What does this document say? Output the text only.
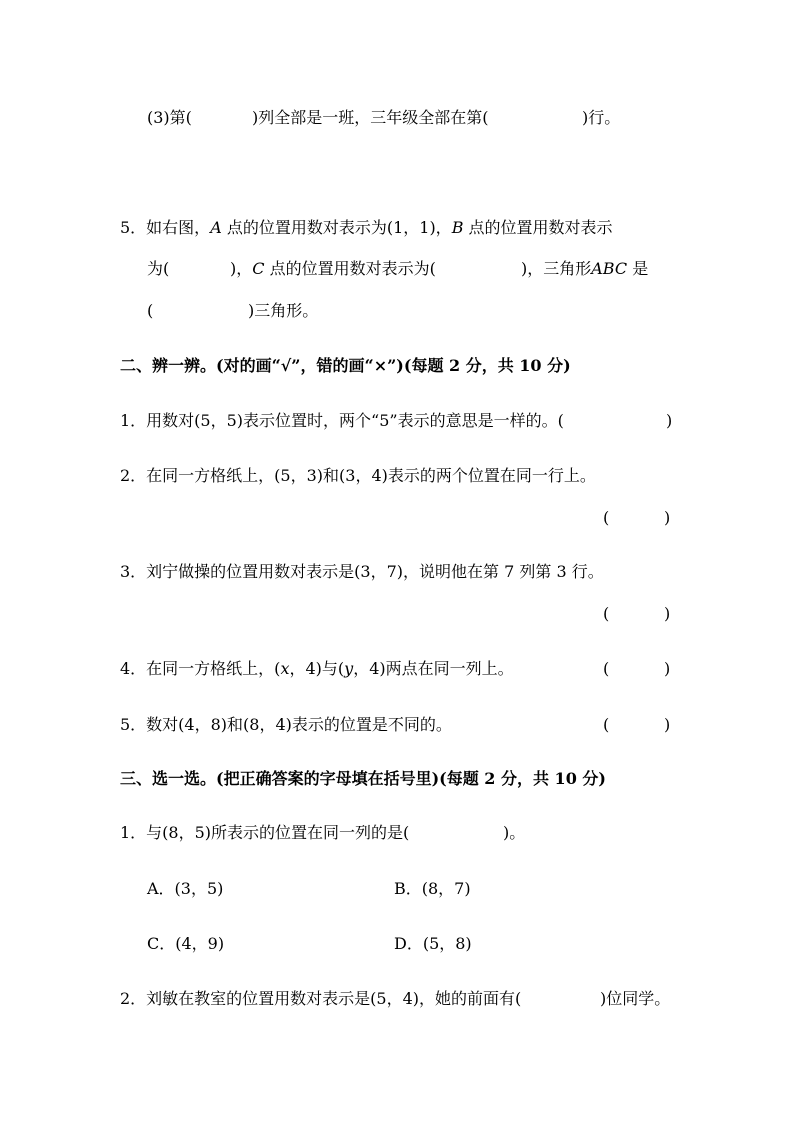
(3)第(	)列全部是一班，三年级全部在第(	)行。
5．如右图，A 点的位置用数对表示为(1，1)，B 点的位置用数对表示
为(	)，C 点的位置用数对表示为(	)，三角形ABC 是
(	)三角形。
二、辨一辨。(对的画“√”，错的画“×”)(每题 2 分，共 10 分)
1．用数对(5，5)表示位置时，两个“5”表示的意思是一样的。(	)
2．在同一方格纸上，(5，3)和(3，4)表示的两个位置在同一行上。
(	)
3．刘宁做操的位置用数对表示是(3，7)，说明他在第 7 列第 3 行。
(	)
4．在同一方格纸上，(x，4)与(y，4)两点在同一列上。	(	)
5．数对(4，8)和(8，4)表示的位置是不同的。	(	)
三、选一选。(把正确答案的字母填在括号里)(每题 2 分，共 10 分)
1．与(8，5)所表示的位置在同一列的是(	)。
A．(3，5)	B．(8，7)
C．(4，9)	D．(5，8)
2．刘敏在教室的位置用数对表示是(5，4)，她的前面有(	)位同学。
